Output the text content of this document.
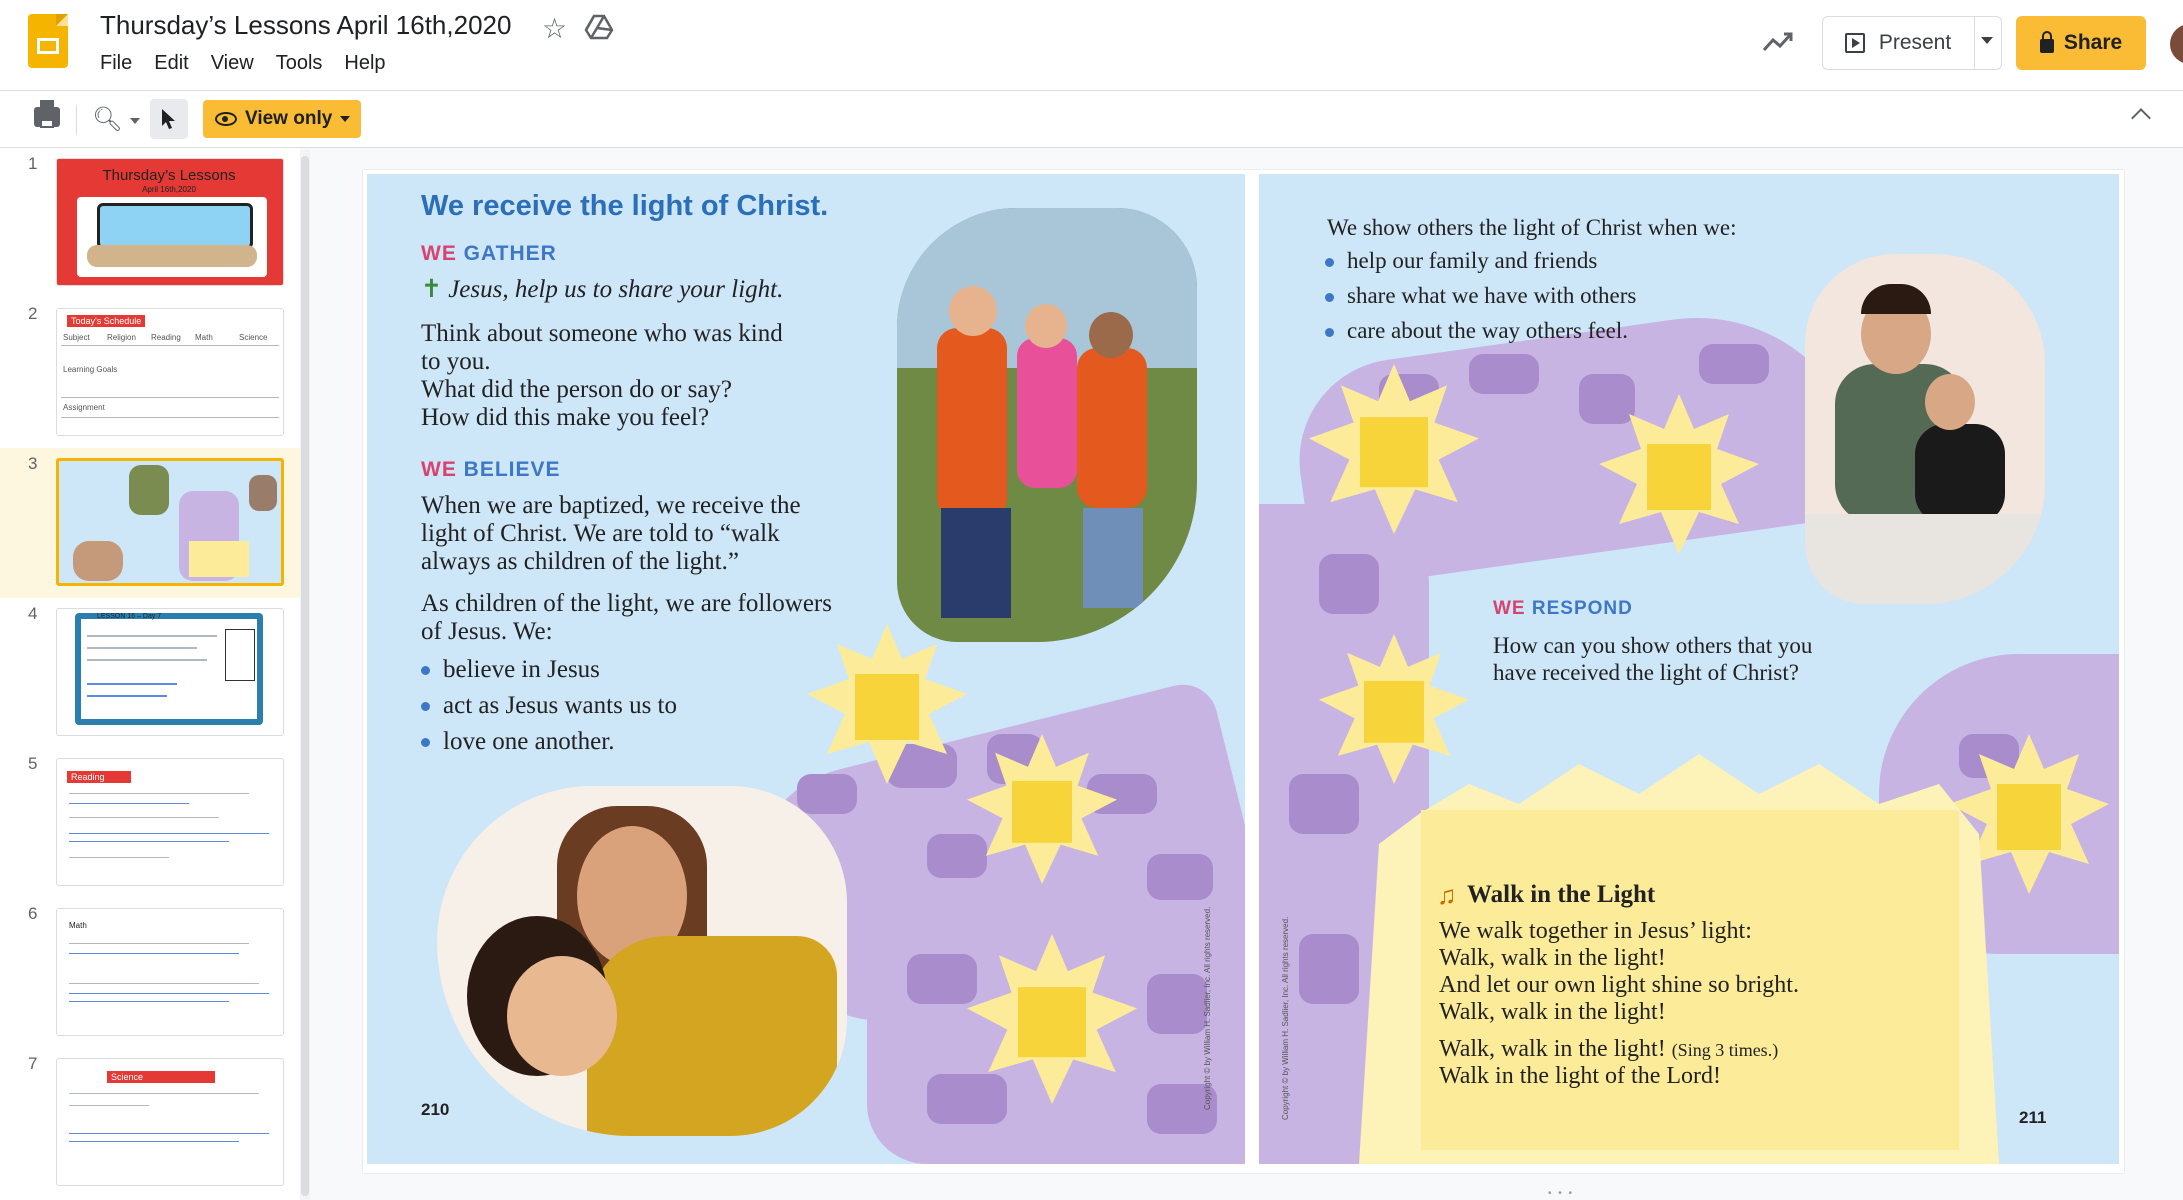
Thursday’s Lessons April 16th,2020 ☆
File Edit View Tools Help
Present	Share
🔍︎	View only
1
Thursday’s Lessons
April 16th,2020
2	Today's Schedule
Subject Religion Reading Math	Science
Learning Goals
Assignment
3
4	LESSON 16 – Day 7
5
Reading
6
Math
7
Science
We receive the light of Christ.
WE GATHER
✝ Jesus, help us to share your light.
Think about someone who was kind
to you.
What did the person do or say?
How did this make you feel?
WE BELIEVE
When we are baptized, we receive the
light of Christ. We are told to “walk
always as children of the light.”
As children of the light, we are followers
of Jesus. We:
believe in Jesus
act as Jesus wants us to
love one another.
210	Copyright © by William H. Sadlier, Inc. All rights reserved.
We show others the light of Christ when we:
help our family and friends
share what we have with others
care about the way others feel.
WE RESPOND
How can you show others that you
have received the light of Christ?
♫ Walk in the Light
We walk together in Jesus’ light:
Walk, walk in the light!
And let our own light shine so bright.
Walk, walk in the light!
Walk, walk in the light! (Sing 3 times.)
Walk in the light of the Lord!
211
Copyright © by William H. Sadlier, Inc. All rights reserved.
• • •
